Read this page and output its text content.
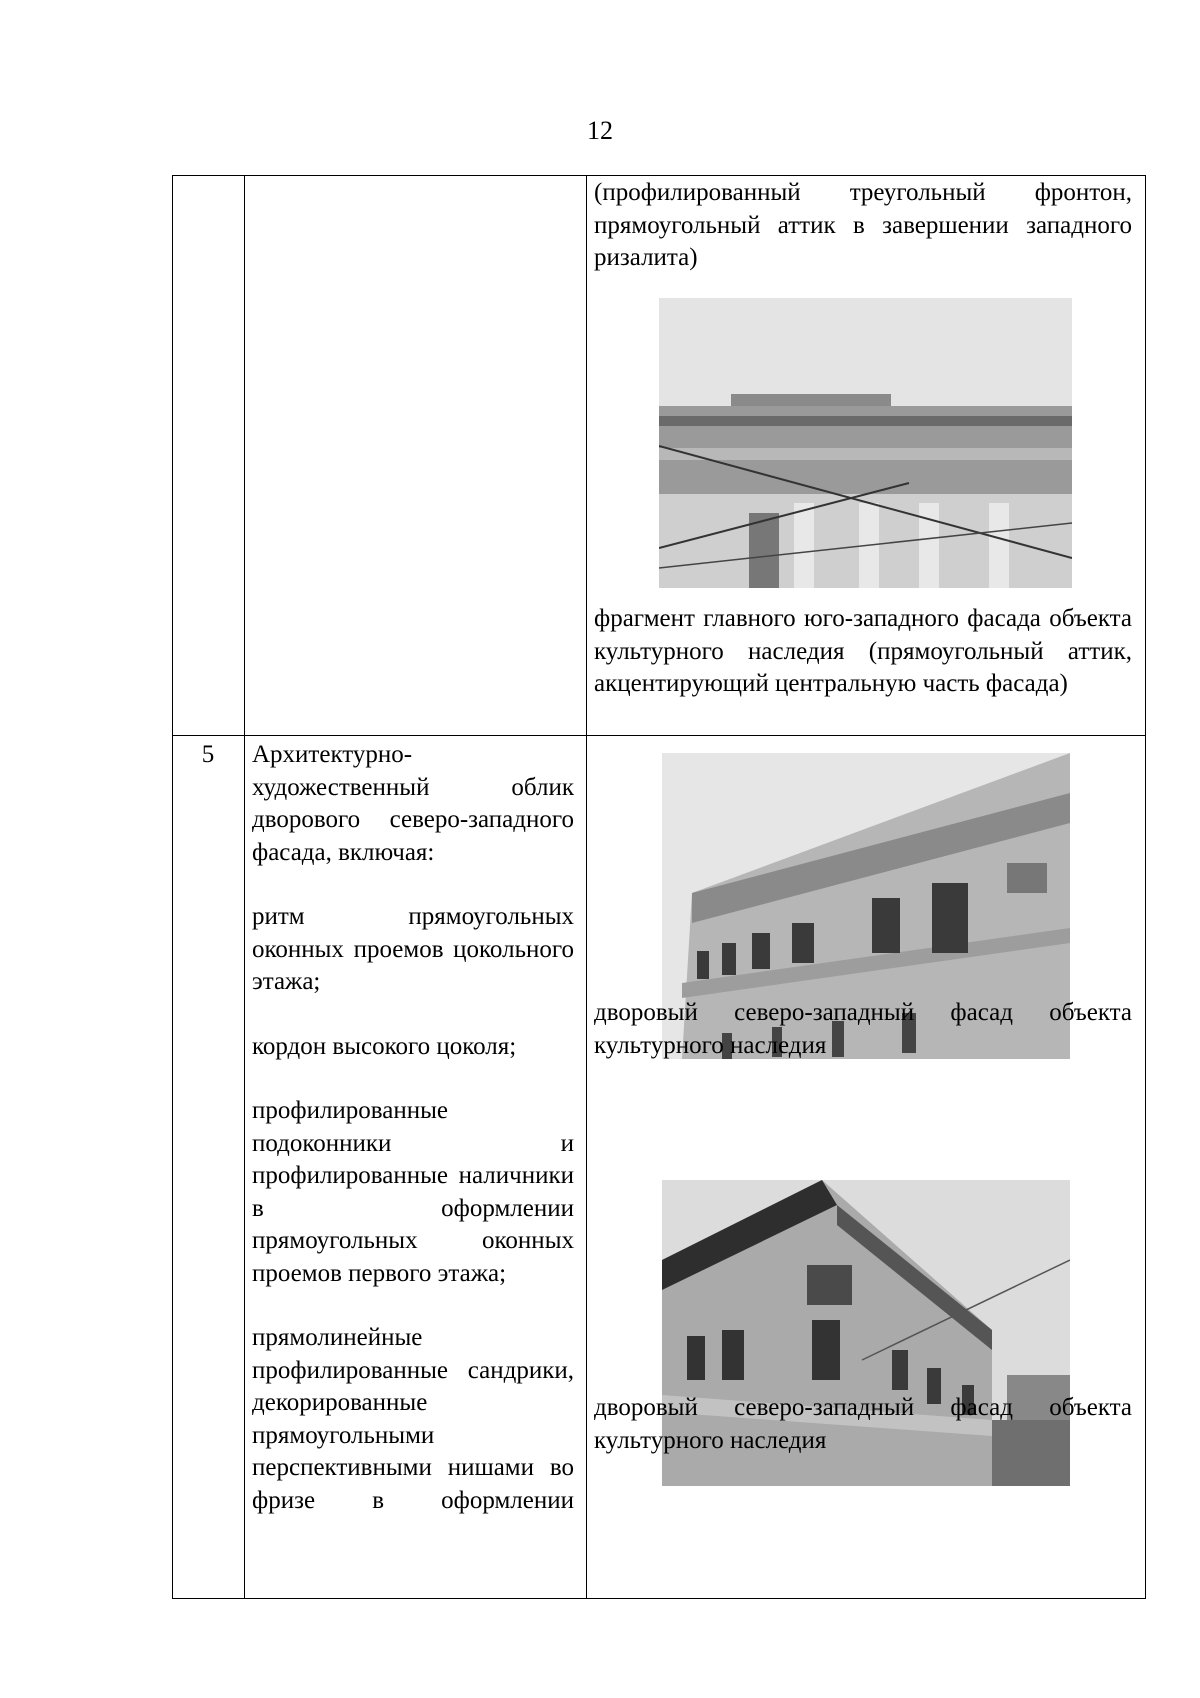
12

(профилированный треугольный фронтон, прямоугольный аттик в завершении западного ризалита)

фрагмент главного юго-западного фасада объекта культурного наследия (прямоугольный аттик, акцентирующий центральную часть фасада)

5	Архитектурно-художественный облик дворового северо-западного фасада, включая:

ритм прямоугольных оконных проемов цокольного этажа;

кордон высокого цоколя;

профилированные подоконники и профилированные наличники в оформлении прямоугольных оконных проемов первого этажа;

прямолинейные профилированные сандрики, декорированные прямоугольными перспективными нишами во фризе в оформлении

дворовый северо-западный фасад объекта культурного наследия

дворовый северо-западный фасад объекта культурного наследия
